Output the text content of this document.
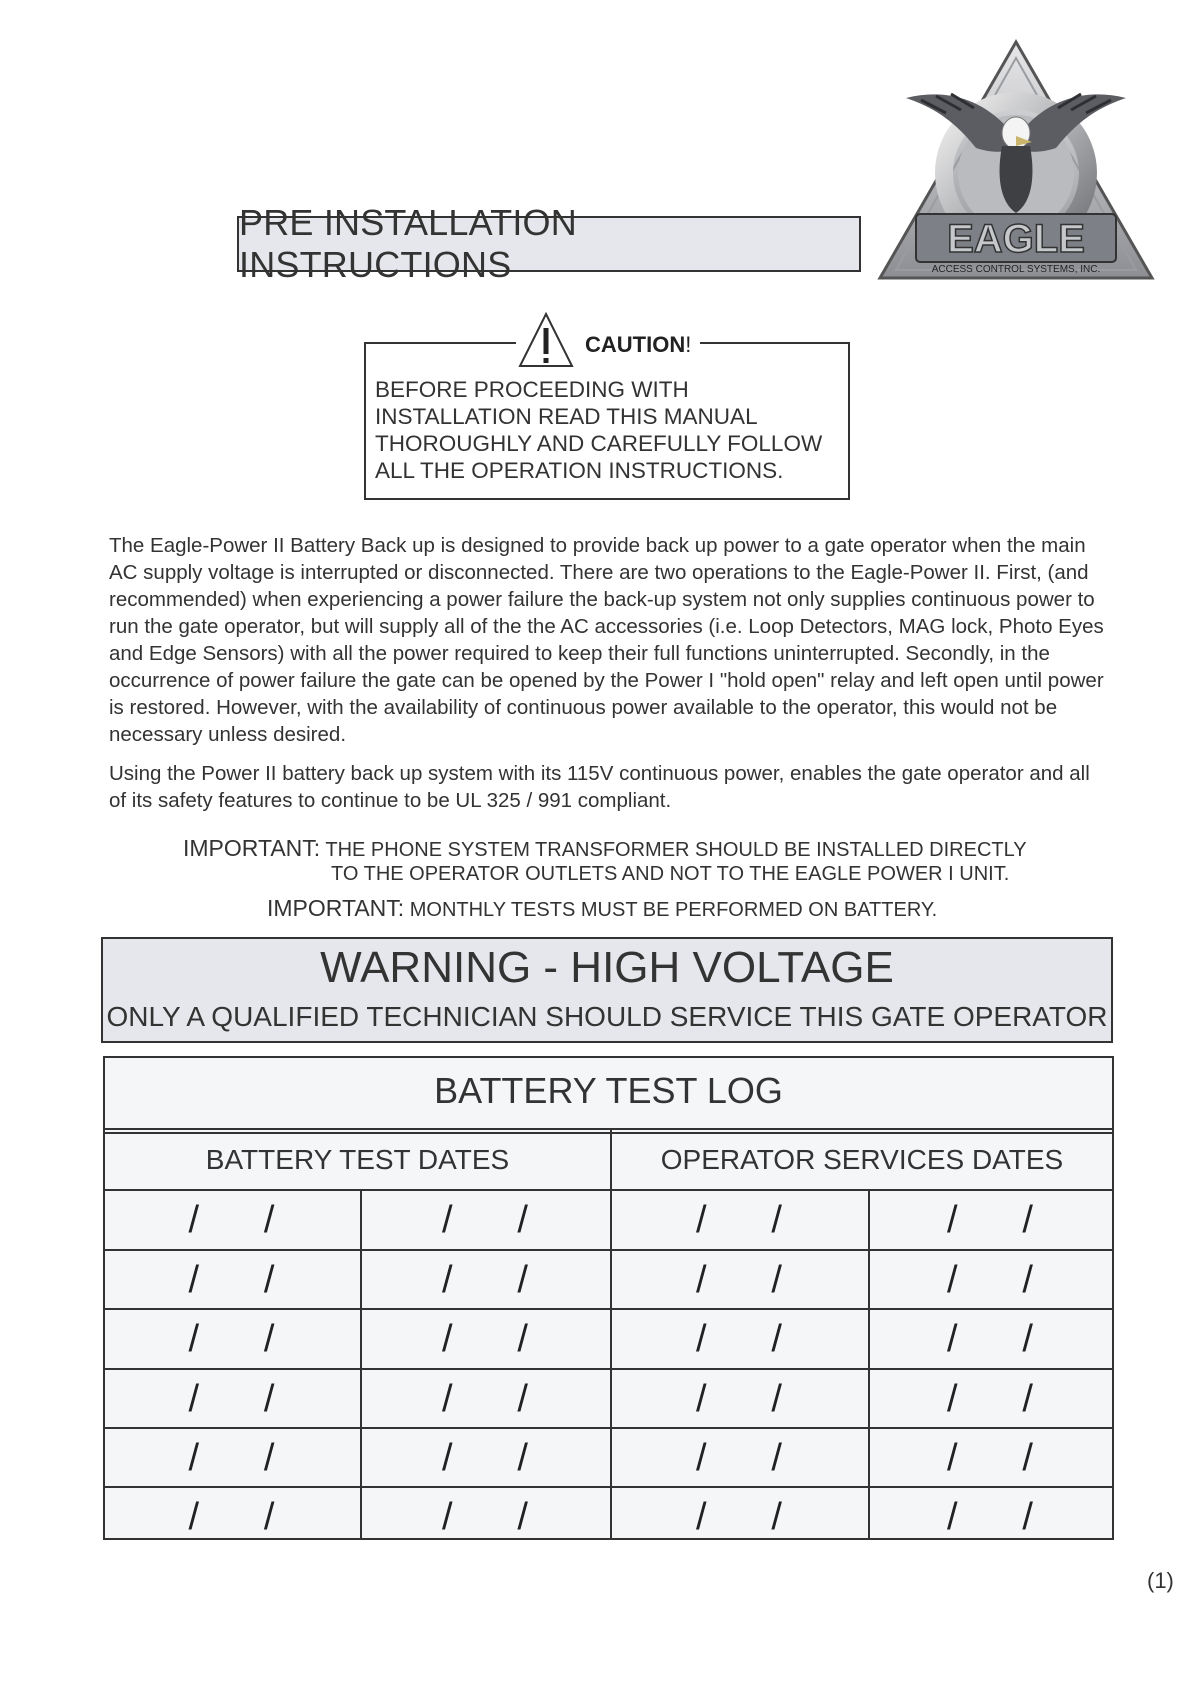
PRE INSTALLATION INSTRUCTIONS
EAGLE
ACCESS CONTROL SYSTEMS, INC.
CAUTION!
BEFORE PROCEEDING WITH INSTALLATION READ THIS MANUAL THOROUGHLY AND CAREFULLY FOLLOW ALL THE OPERATION INSTRUCTIONS.
The Eagle-Power II Battery Back up is designed to provide back up power to a gate operator when the main AC supply voltage is interrupted or disconnected. There are two operations to the Eagle-Power II. First, (and recommended) when experiencing a power failure the back-up system not only supplies continuous power to run the gate operator, but will supply all of the the AC accessories (i.e. Loop Detectors, MAG lock, Photo Eyes and Edge Sensors) with all the power required to keep their full functions uninterrupted. Secondly, in the occurrence of power failure the gate can be opened by the Power I "hold open" relay and left open until power is restored. However, with the availability of continuous power available to the operator, this would not be necessary unless desired.
Using the Power II battery back up system with its 115V continuous power, enables the gate operator and all of its safety features to continue to be UL 325 / 991 compliant.
IMPORTANT: THE PHONE SYSTEM TRANSFORMER SHOULD BE INSTALLED DIRECTLY
TO THE OPERATOR OUTLETS AND NOT TO THE EAGLE POWER I UNIT.
IMPORTANT: MONTHLY TESTS MUST BE PERFORMED ON BATTERY.
WARNING - HIGH VOLTAGE
ONLY A QUALIFIED TECHNICIAN SHOULD SERVICE THIS GATE OPERATOR
BATTERY TEST LOG
BATTERY TEST DATES	OPERATOR SERVICES DATES
/     /	/     /	/     /	/     /
/     /	/     /	/     /	/     /
/     /	/     /	/     /	/     /
/     /	/     /	/     /	/     /
/     /	/     /	/     /	/     /
/     /	/     /	/     /	/     /
(1)
